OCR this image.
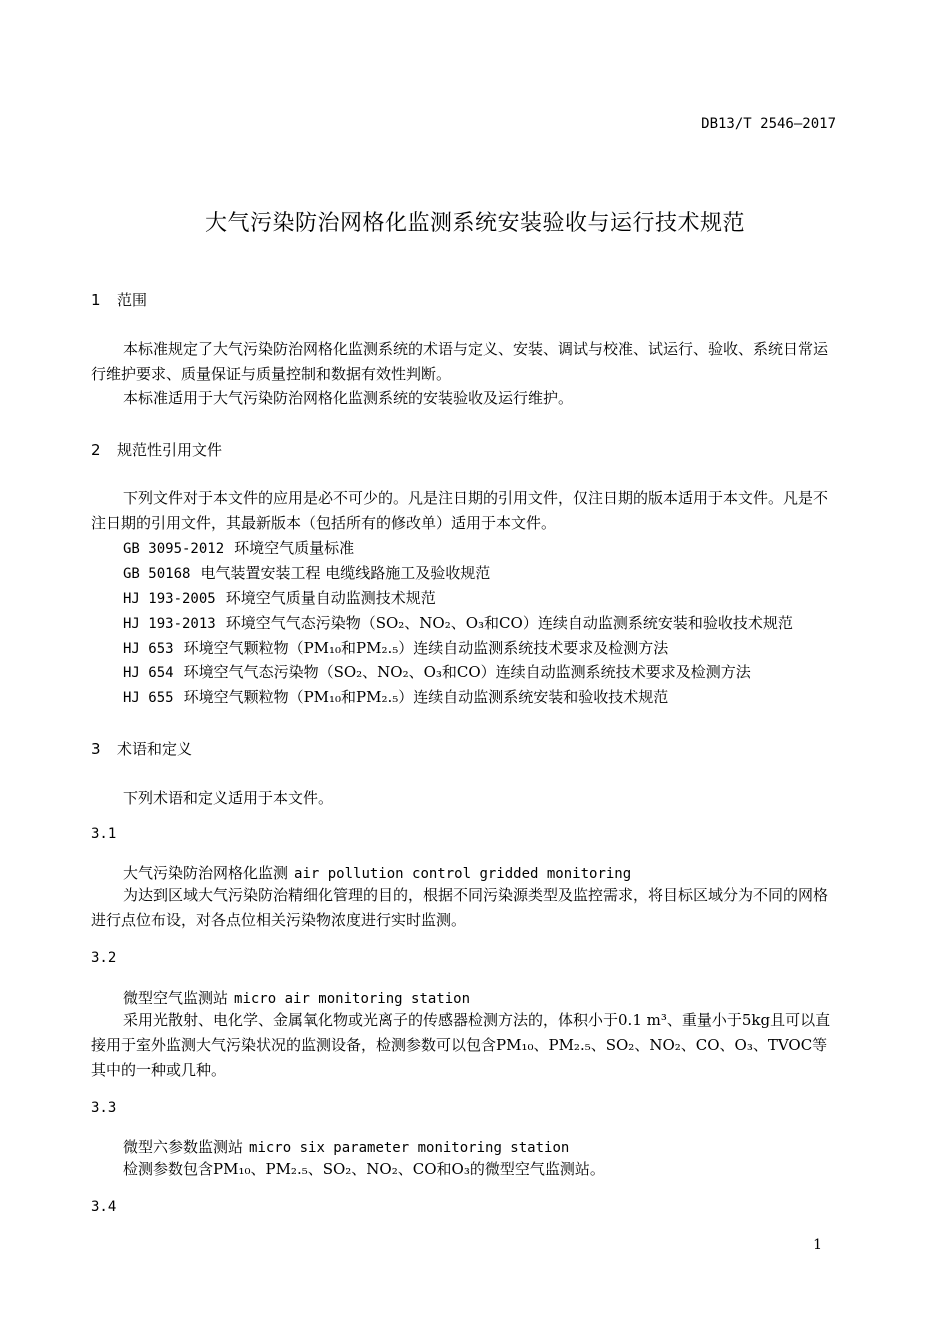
DB13/T 2546—2017
大气污染防治网格化监测系统安装验收与运行技术规范
1 范围
本标准规定了大气污染防治网格化监测系统的术语与定义、安装、调试与校准、试运行、验收、系统日常运行维护要求、质量保证与质量控制和数据有效性判断。
本标准适用于大气污染防治网格化监测系统的安装验收及运行维护。
2 规范性引用文件
下列文件对于本文件的应用是必不可少的。凡是注日期的引用文件，仅注日期的版本适用于本文件。凡是不注日期的引用文件，其最新版本（包括所有的修改单）适用于本文件。
GB 3095-2012 环境空气质量标准
GB 50168 电气装置安装工程 电缆线路施工及验收规范
HJ 193-2005 环境空气质量自动监测技术规范
HJ 193-2013 环境空气气态污染物（SO₂、NO₂、O₃和CO）连续自动监测系统安装和验收技术规范
HJ 653 环境空气颗粒物（PM₁₀和PM₂.₅）连续自动监测系统技术要求及检测方法
HJ 654 环境空气气态污染物（SO₂、NO₂、O₃和CO）连续自动监测系统技术要求及检测方法
HJ 655 环境空气颗粒物（PM₁₀和PM₂.₅）连续自动监测系统安装和验收技术规范
3 术语和定义
下列术语和定义适用于本文件。
3.1
大气污染防治网格化监测 air pollution control gridded monitoring
为达到区域大气污染防治精细化管理的目的，根据不同污染源类型及监控需求，将目标区域分为不同的网格进行点位布设，对各点位相关污染物浓度进行实时监测。
3.2
微型空气监测站 micro air monitoring station
采用光散射、电化学、金属氧化物或光离子的传感器检测方法的，体积小于0.1 m³、重量小于5kg且可以直接用于室外监测大气污染状况的监测设备，检测参数可以包含PM₁₀、PM₂.₅、SO₂、NO₂、CO、O₃、TVOC等其中的一种或几种。
3.3
微型六参数监测站 micro six parameter monitoring station
检测参数包含PM₁₀、PM₂.₅、SO₂、NO₂、CO和O₃的微型空气监测站。
3.4
1
